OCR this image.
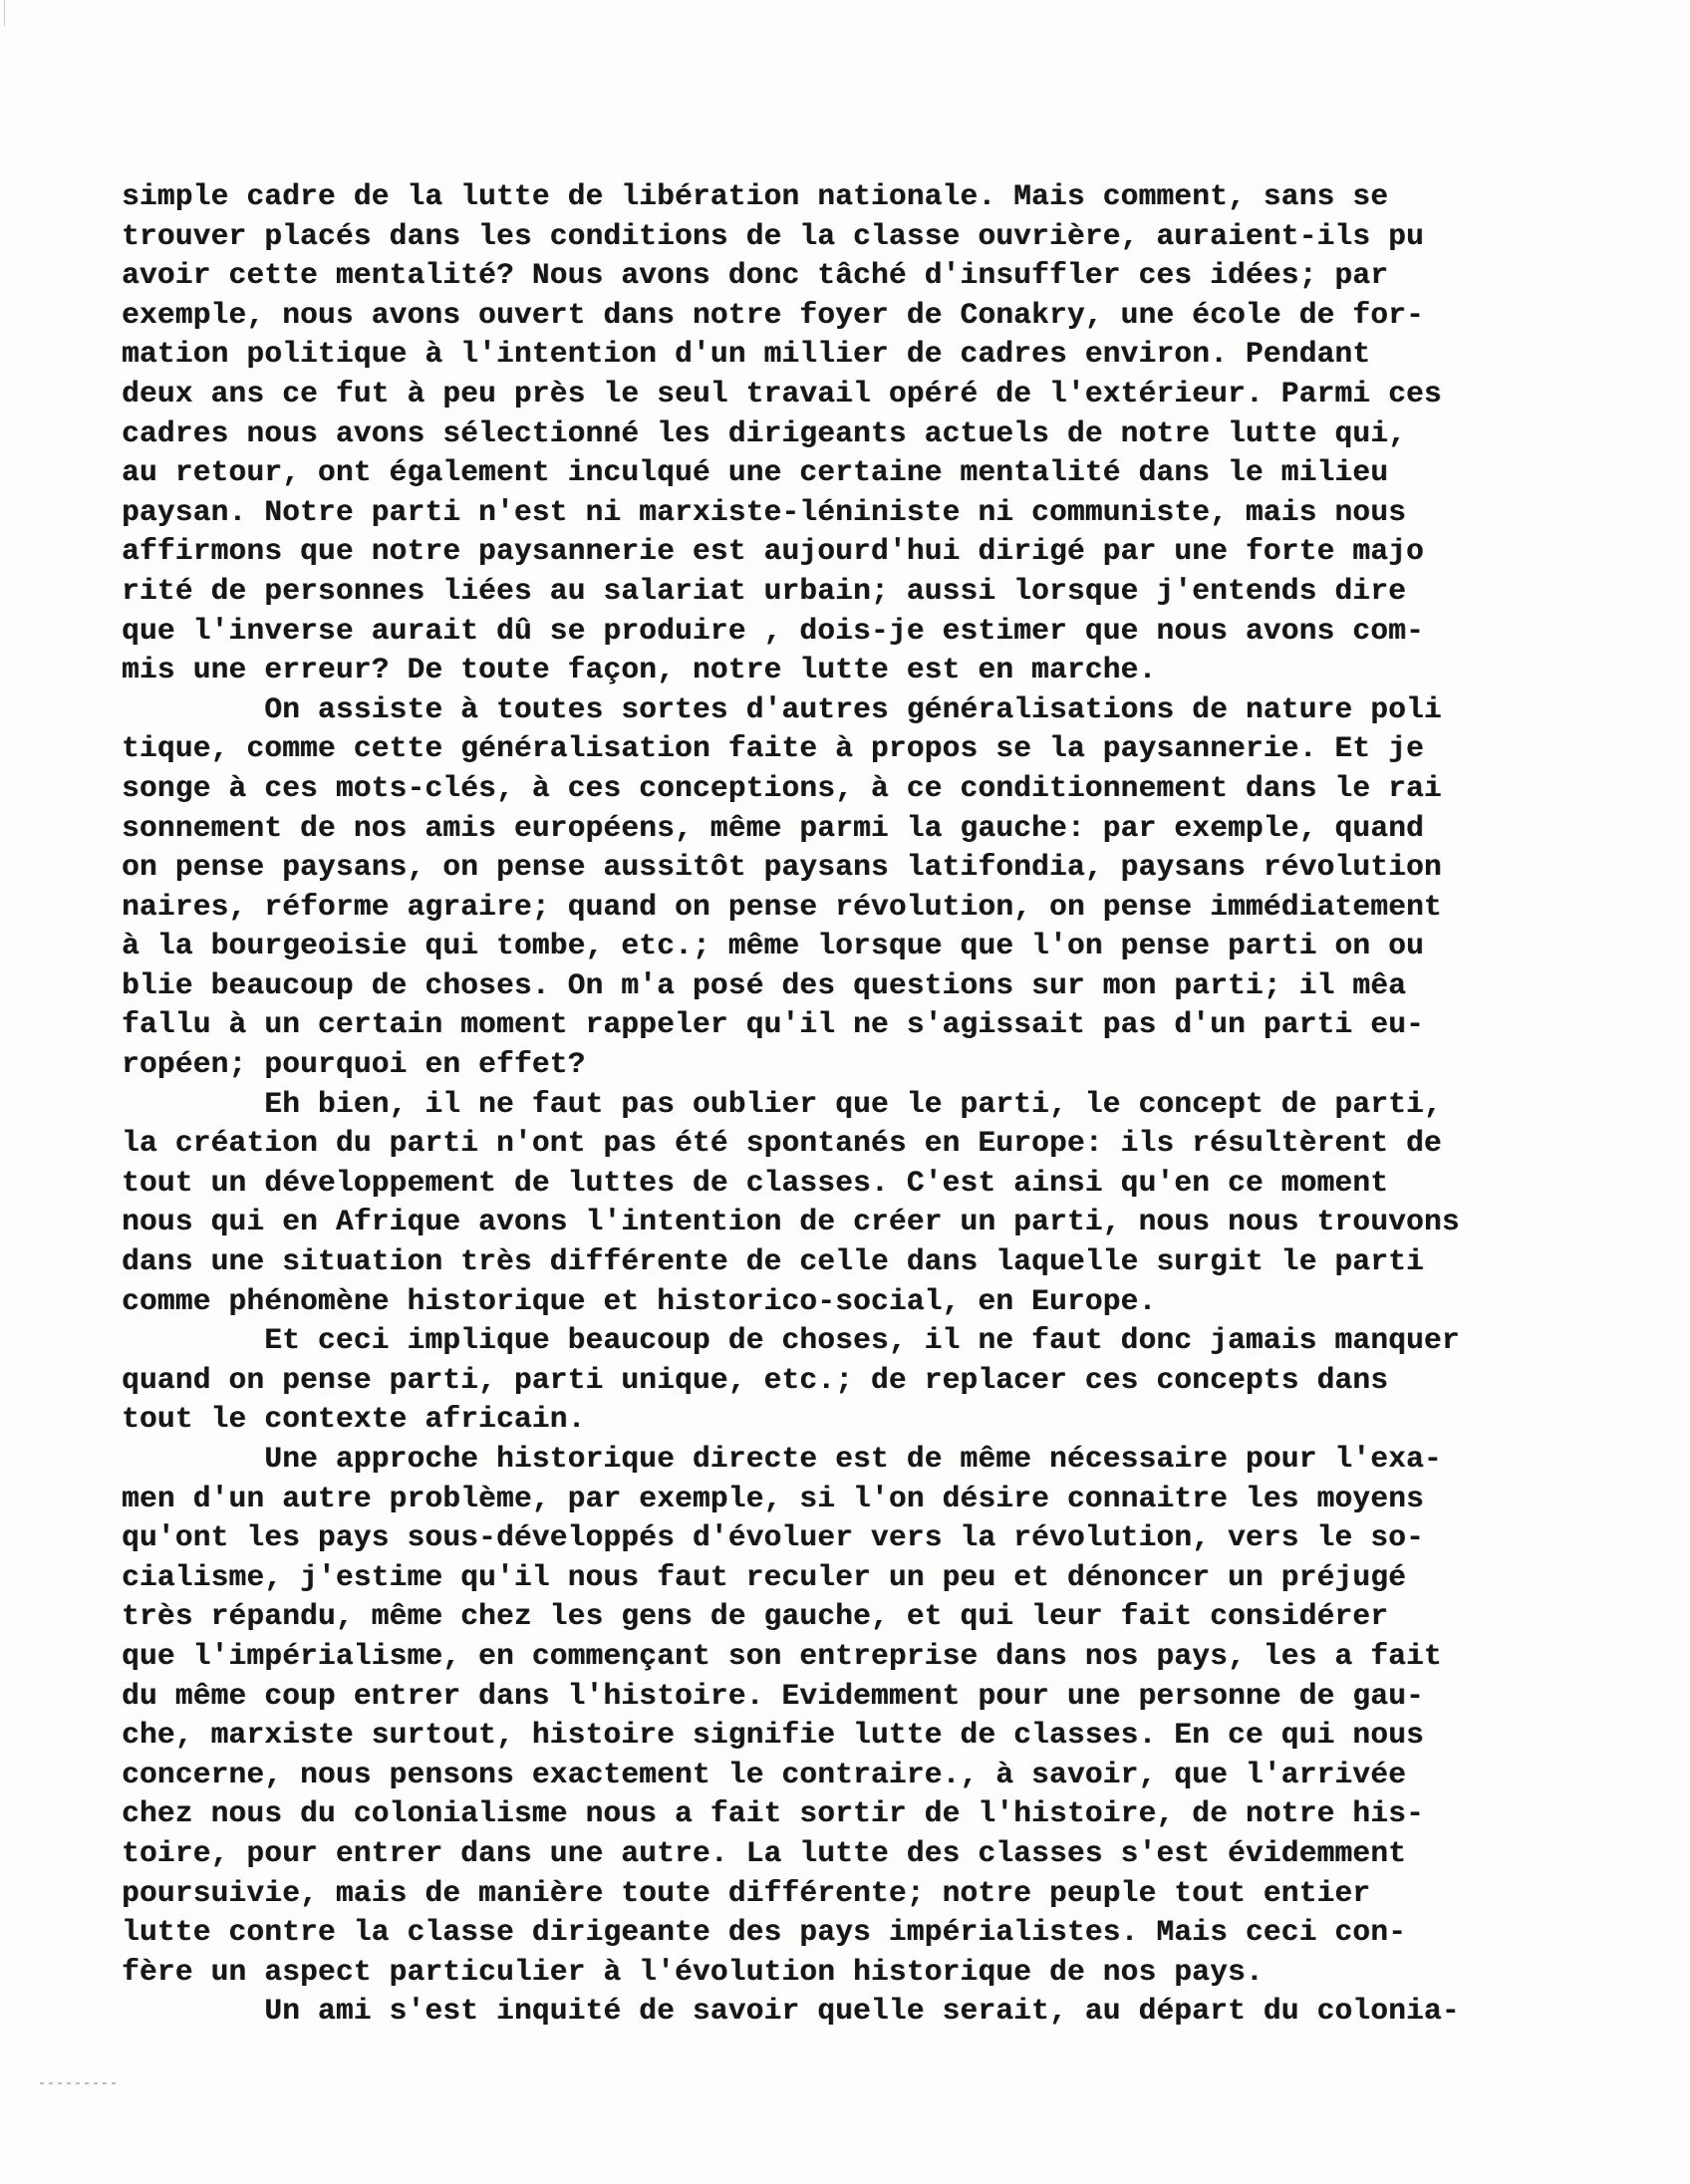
simple cadre de la lutte de libération nationale. Mais comment, sans se
trouver placés dans les conditions de la classe ouvrière, auraient-ils pu
avoir cette mentalité? Nous avons donc tâché d'insuffler ces idées; par
exemple, nous avons ouvert dans notre foyer de Conakry, une école de for-
mation politique à l'intention d'un millier de cadres environ. Pendant
deux ans ce fut à peu près le seul travail opéré de l'extérieur. Parmi ces
cadres nous avons sélectionné les dirigeants actuels de notre lutte qui,
au retour, ont également inculqué une certaine mentalité dans le milieu
paysan. Notre parti n'est ni marxiste-léniniste ni communiste, mais nous
affirmons que notre paysannerie est aujourd'hui dirigé par une forte majo
rité de personnes liées au salariat urbain; aussi lorsque j'entends dire
que l'inverse aurait dû se produire , dois-je estimer que nous avons com-
mis une erreur? De toute façon, notre lutte est en marche.
On assiste à toutes sortes d'autres généralisations de nature poli
tique, comme cette généralisation faite à propos se la paysannerie. Et je
songe à ces mots-clés, à ces conceptions, à ce conditionnement dans le rai
sonnement de nos amis européens, même parmi la gauche: par exemple, quand
on pense paysans, on pense aussitôt paysans latifondia, paysans révolution
naires, réforme agraire; quand on pense révolution, on pense immédiatement
à la bourgeoisie qui tombe, etc.; même lorsque que l'on pense parti on ou
blie beaucoup de choses. On m'a posé des questions sur mon parti; il mêa
fallu à un certain moment rappeler qu'il ne s'agissait pas d'un parti eu-
ropéen; pourquoi en effet?
Eh bien, il ne faut pas oublier que le parti, le concept de parti,
la création du parti n'ont pas été spontanés en Europe: ils résultèrent de
tout un développement de luttes de classes. C'est ainsi qu'en ce moment
nous qui en Afrique avons l'intention de créer un parti, nous nous trouvons
dans une situation très différente de celle dans laquelle surgit le parti
comme phénomène historique et historico-social, en Europe.
Et ceci implique beaucoup de choses, il ne faut donc jamais manquer
quand on pense parti, parti unique, etc.; de replacer ces concepts dans
tout le contexte africain.
Une approche historique directe est de même nécessaire pour l'exa-
men d'un autre problème, par exemple, si l'on désire connaitre les moyens
qu'ont les pays sous-développés d'évoluer vers la révolution, vers le so-
cialisme, j'estime qu'il nous faut reculer un peu et dénoncer un préjugé
très répandu, même chez les gens de gauche, et qui leur fait considérer
que l'impérialisme, en commençant son entreprise dans nos pays, les a fait
du même coup entrer dans l'histoire. Evidemment pour une personne de gau-
che, marxiste surtout, histoire signifie lutte de classes. En ce qui nous
concerne, nous pensons exactement le contraire., à savoir, que l'arrivée
chez nous du colonialisme nous a fait sortir de l'histoire, de notre his-
toire, pour entrer dans une autre. La lutte des classes s'est évidemment
poursuivie, mais de manière toute différente; notre peuple tout entier
lutte contre la classe dirigeante des pays impérialistes. Mais ceci con-
fère un aspect particulier à l'évolution historique de nos pays.
Un ami s'est inquité de savoir quelle serait, au départ du colonia-
